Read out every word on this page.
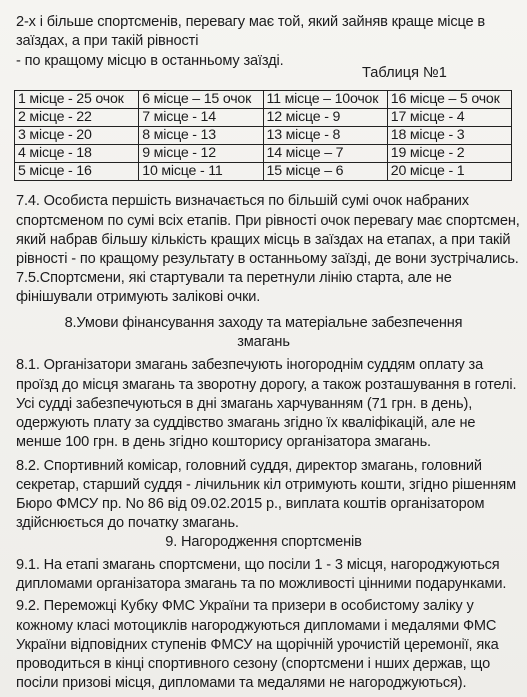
2-х і більше спортсменів, перевагу має той, який зайняв краще місце в
заїздах, а при такій рівності
- по кращому місцю в останньому заїзді.
Таблиця №1
1 місце - 25 очок	6 місце – 15 очок	11 місце – 10очок	16 місце – 5 очок
2 місце - 22	7 місце - 14	12 місце - 9	17 місце - 4
3 місце - 20	8 місце - 13	13 місце - 8	18 місце - 3
4 місце - 18	9 місце - 12	14 місце – 7	19 місце - 2
5 місце - 16	10 місце - 11	15 місце – 6	20 місце - 1
7.4. Особиста першість визначається по більшій сумі очок набраних
спортсменом по сумі всіх етапів. При рівності очок перевагу має спортсмен,
який набрав більшу кількість кращих місць в заїздах на етапах, а при такій
рівності - по кращому результату в останньому заїзді, де вони зустрічались.
7.5.Спортсмени, які стартували та перетнули лінію старта, але не
фінішували отримують залікові очки.
8.Умови фінансування заходу та матеріальне забезпечення
змагань
8.1. Організатори змагань забезпечують іногороднім суддям оплату за
проїзд до місця змагань та зворотну дорогу, а також розташування в готелі.
Усі судді забезпечуються в дні змагань харчуванням (71 грн. в день),
одержують плату за суддівство змагань згідно їх кваліфікацій, але не
менше 100 грн. в день згідно кошторису організатора змагань.
8.2. Спортивний комісар, головний суддя, директор змагань, головний
секретар, старший суддя - лічильник кіл отримують кошти, згідно рішенням
Бюро ФМСУ пр. No 86 від 09.02.2015 р., виплата коштів організатором
здійснюється до початку змагань.
9. Нагородження спортсменів
9.1. На етапі змагань спортсмени, що посіли 1 - 3 місця, нагороджуються
дипломами організатора змагань та по можливості цінними подарунками.
9.2. Переможці Кубку ФМС України та призери в особистому заліку у
кожному класі мотоциклів нагороджуються дипломами і медалями ФМС
України відповідних ступенів ФМСУ на щорічній урочистій церемонії, яка
проводиться в кінці спортивного сезону (спортсмени і нших держав, що
посіли призові місця, дипломами та медалями не нагороджуються).
